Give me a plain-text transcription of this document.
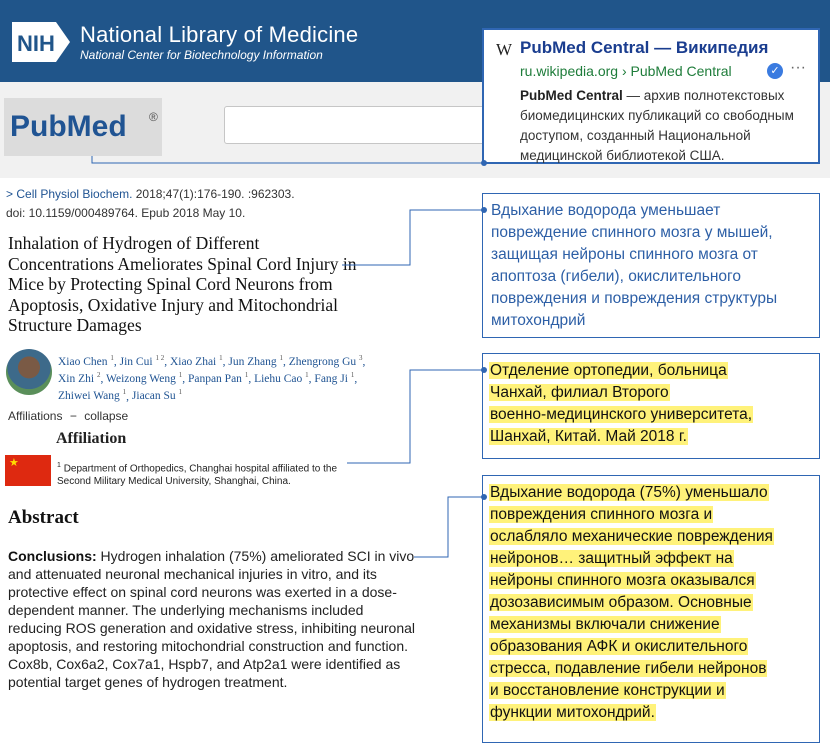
NIH National Library of Medicine
National Center for Biotechnology Information
PubMed ®
> Cell Physiol Biochem. 2018;47(1):176-190. :962303.
doi: 10.1159/000489764. Epub 2018 May 10.
Inhalation of Hydrogen of Different Concentrations Ameliorates Spinal Cord Injury in Mice by Protecting Spinal Cord Neurons from Apoptosis, Oxidative Injury and Mitochondrial Structure Damages
Xiao Chen $^1$, Jin Cui $^{1 2}$, Xiao Zhai $^1$, Jun Zhang $^1$, Zhengrong Gu $^3$, Xin Zhi $^2$, Weizong Weng $^1$, Panpan Pan $^1$, Liehu Cao $^1$, Fang Ji $^1$, Zhiwei Wang $^1$, Jiacan Su $^1$
Affiliations − collapse
Affiliation
★	$^1$ Department of Orthopedics, Changhai hospital affiliated to the Second Military Medical University, Shanghai, China.
Abstract
Conclusions: Hydrogen inhalation (75%) ameliorated SCI in vivo and attenuated neuronal mechanical injuries in vitro, and its protective effect on spinal cord neurons was exerted in a dose-dependent manner. The underlying mechanisms included reducing ROS generation and oxidative stress, inhibiting neuronal apoptosis, and restoring mitochondrial construction and function. Cox8b, Cox6a2, Cox7a1, Hspb7, and Atp2a1 were identified as potential target genes of hydrogen treatment.
W PubMed Central — Википедия
ru.wikipedia.org › PubMed Central	✓ ···
PubMed Central — архив полнотекстовых биомедицинских публикаций со свободным доступом, созданный Национальной медицинской библиотекой США.
Вдыхание водорода уменьшает повреждение спинного мозга у мышей, защищая нейроны спинного мозга от апоптоза (гибели), окислительного повреждения и повреждения структуры митохондрий
Отделение ортопедии, больница
Чанхай, филиал Второго
военно-медицинского университета,
Шанхай, Китай. Май 2018 г.
Вдыхание водорода (75%) уменьшало
повреждения спинного мозга и
ослабляло механические повреждения
нейронов… защитный эффект на
нейроны спинного мозга оказывался
дозозависимым образом. Основные
механизмы включали снижение
образования АФК и окислительного
стресса, подавление гибели нейронов
и восстановление конструкции и
функции митохондрий.
